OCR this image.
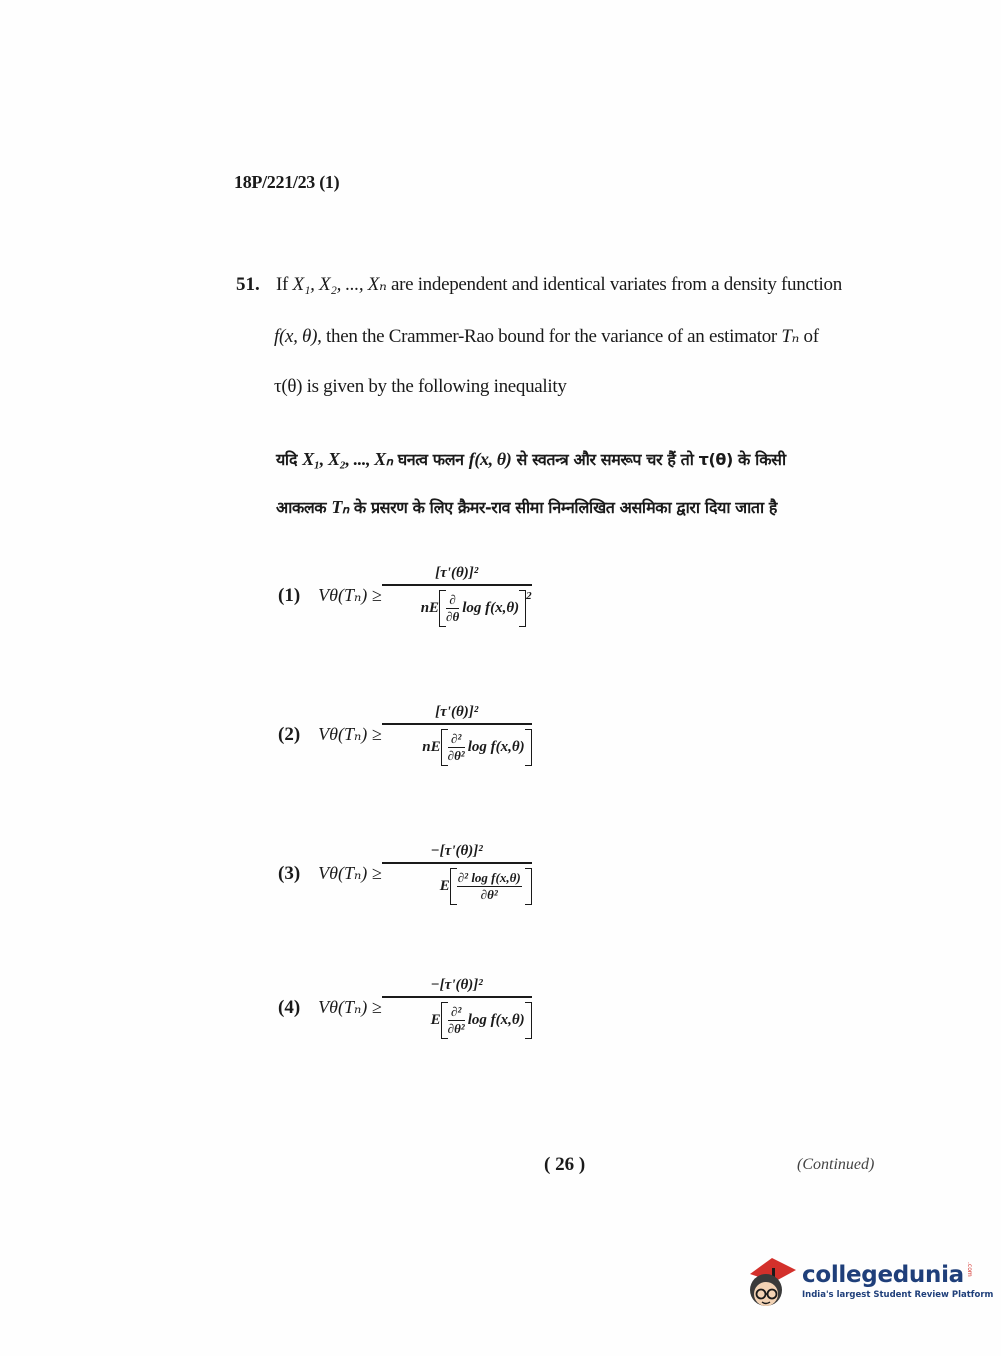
18P/221/23 (1)
51. If X₁, X₂, ..., Xₙ are independent and identical variates from a density function
f(x, θ), then the Crammer-Rao bound for the variance of an estimator Tₙ of
τ(θ) is given by the following inequality
यदि X₁, X₂, ..., Xₙ घनत्व फलन f(x, θ) से स्वतन्त्र और समरूप चर हैं तो τ(θ) के किसी
आकलक Tₙ के प्रसरण के लिए क्रैमर-राव सीमा निम्नलिखित असमिका द्वारा दिया जाता है
(1) Vθ(Tₙ) ≥ [τ'(θ)]²
nE
∂
∂θ
log f(x,θ)
$^2$
(2) Vθ(Tₙ) ≥ [τ'(θ)]²
nE
∂²
∂θ²
log f(x,θ)
(3) Vθ(Tₙ) ≥ −[τ'(θ)]²
E
∂² log f(x,θ)
∂θ²
(4) Vθ(Tₙ) ≥ −[τ'(θ)]²
E
∂²
∂θ²
log f(x,θ)
( 26 )	(Continued)
collegedunia .com
India's largest Student Review Platform
